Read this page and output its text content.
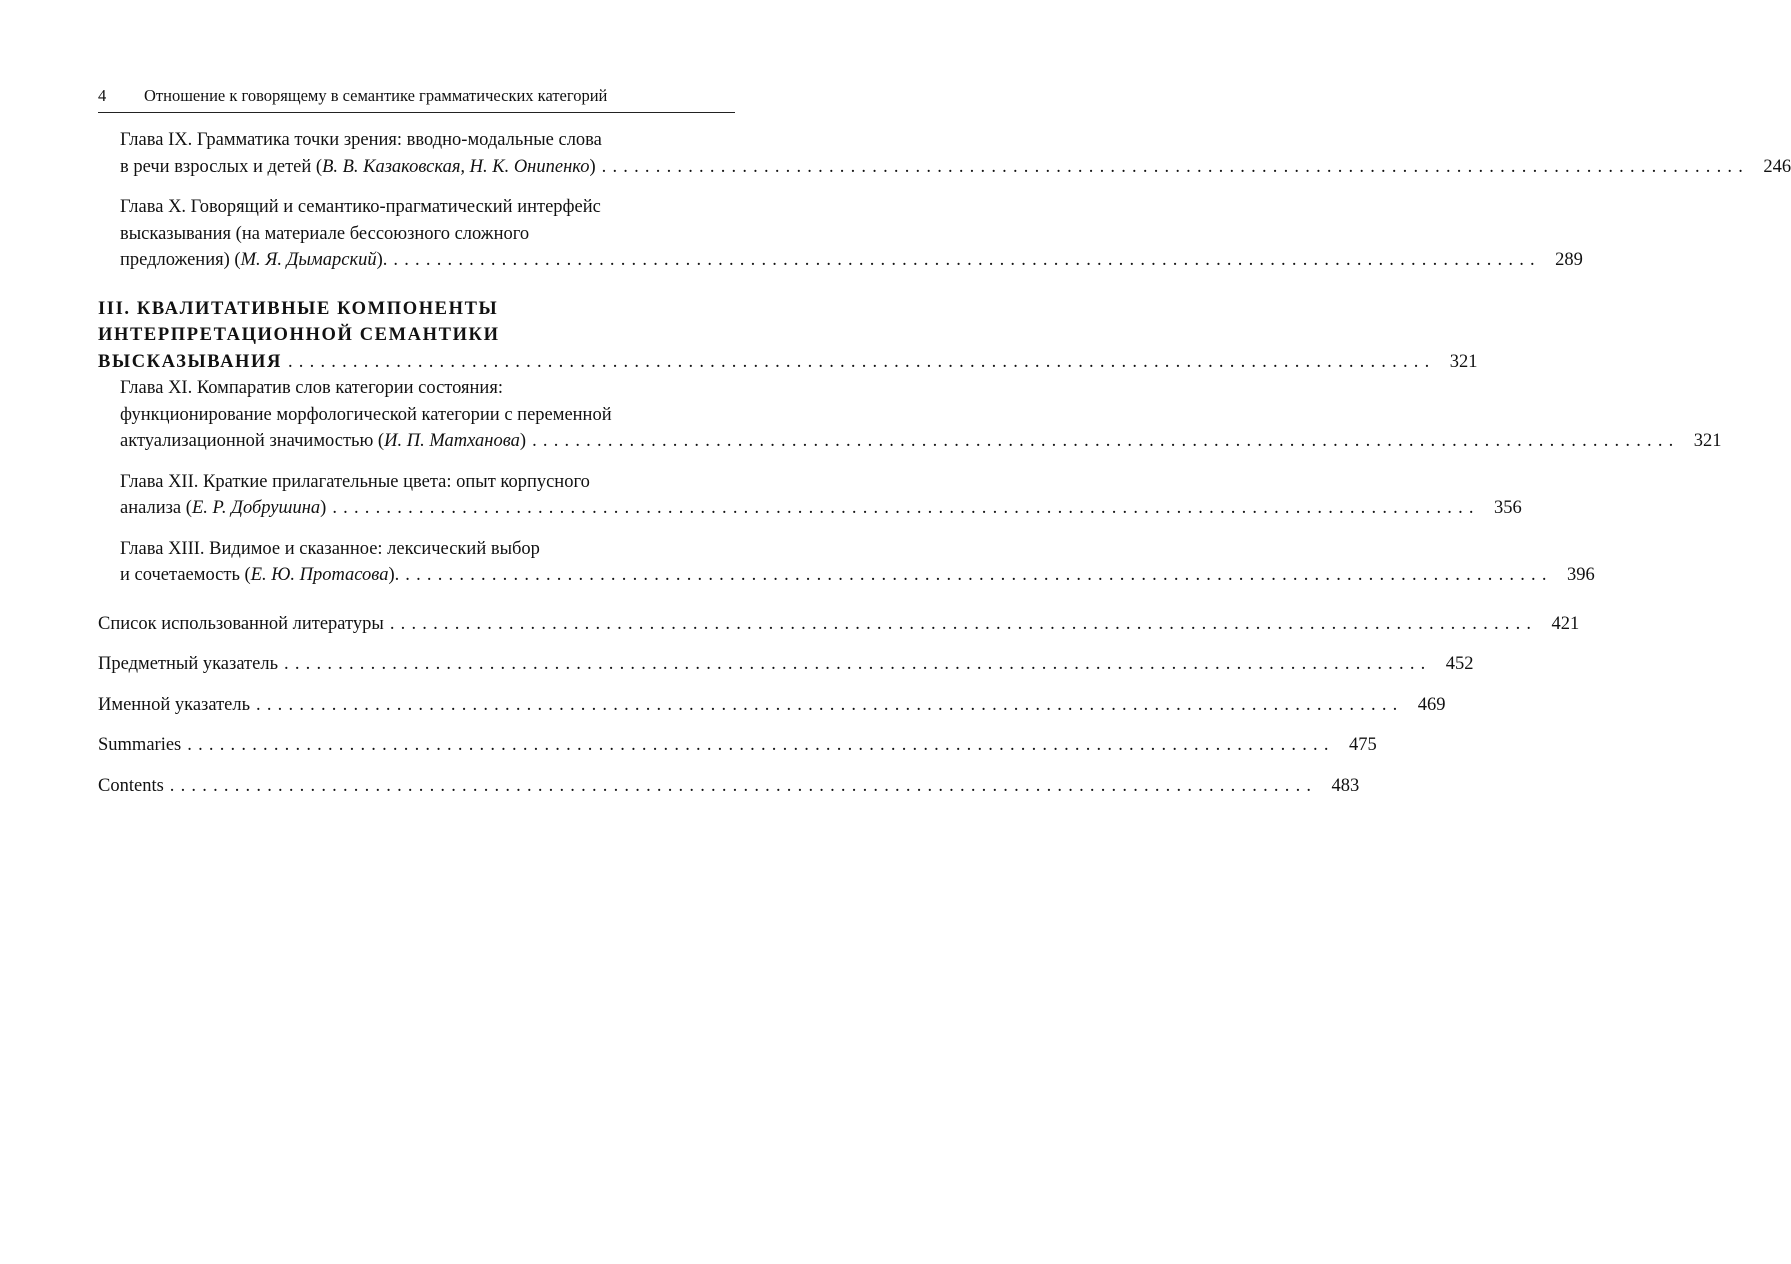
4	Отношение к говорящему в семантике грамматических категорий
Глава IX. Грамматика точки зрения: вводно-модальные слова
в речи взрослых и детей (В. В. Казаковская, Н. К. Онипенко) .......................................................................................................... 246
Глава X. Говорящий и семантико-прагматический интерфейс
высказывания (на материале бессоюзного сложного
предложения) (М. Я. Дымарский). .......................................................................................................... 289
III. КВАЛИТАТИВНЫЕ КОМПОНЕНТЫ
ИНТЕРПРЕТАЦИОННОЙ СЕМАНТИКИ
ВЫСКАЗЫВАНИЯ .......................................................................................................... 321
Глава XI. Компаратив слов категории состояния:
функционирование морфологической категории с переменной
актуализационной значимостью (И. П. Матханова) .......................................................................................................... 321
Глава XII. Краткие прилагательные цвета: опыт корпусного
анализа (Е. Р. Добрушина) .......................................................................................................... 356
Глава XIII. Видимое и сказанное: лексический выбор
и сочетаемость (Е. Ю. Протасова). .......................................................................................................... 396
Список использованной литературы .......................................................................................................... 421
Предметный указатель .......................................................................................................... 452
Именной указатель .......................................................................................................... 469
Summaries .......................................................................................................... 475
Contents .......................................................................................................... 483
